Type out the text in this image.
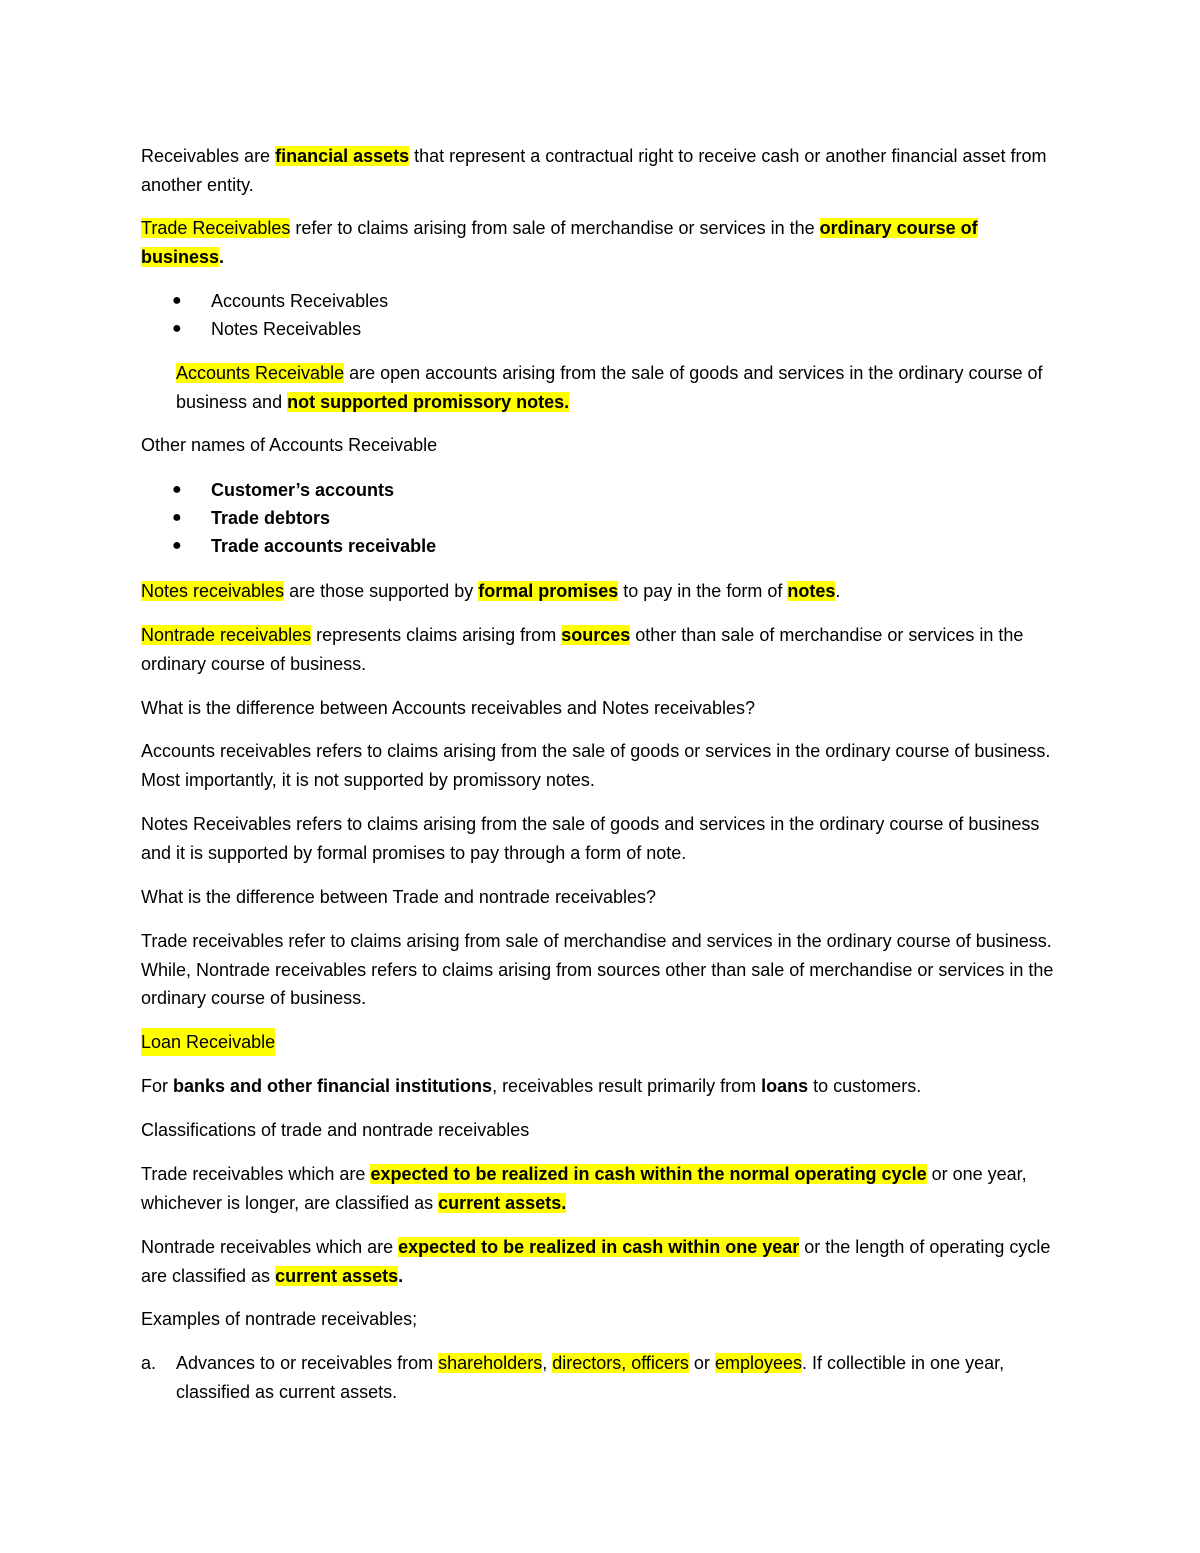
Receivables are financial assets that represent a contractual right to receive cash or another financial asset from another entity.

Trade Receivables refer to claims arising from sale of merchandise or services in the ordinary course of business.

● Accounts Receivables
● Notes Receivables

Accounts Receivable are open accounts arising from the sale of goods and services in the ordinary course of business and not supported promissory notes.

Other names of Accounts Receivable
● Customer’s accounts
● Trade debtors
● Trade accounts receivable

Notes receivables are those supported by formal promises to pay in the form of notes.

Nontrade receivables represents claims arising from sources other than sale of merchandise or services in the ordinary course of business.

What is the difference between Accounts receivables and Notes receivables?

Accounts receivables refers to claims arising from the sale of goods or services in the ordinary course of business. Most importantly, it is not supported by promissory notes.

Notes Receivables refers to claims arising from the sale of goods and services in the ordinary course of business and it is supported by formal promises to pay through a form of note.

What is the difference between Trade and nontrade receivables?

Trade receivables refer to claims arising from sale of merchandise and services in the ordinary course of business. While, Nontrade receivables refers to claims arising from sources other than sale of merchandise or services in the ordinary course of business.

Loan Receivable

For banks and other financial institutions, receivables result primarily from loans to customers.

Classifications of trade and nontrade receivables

Trade receivables which are expected to be realized in cash within the normal operating cycle or one year, whichever is longer, are classified as current assets.

Nontrade receivables which are expected to be realized in cash within one year or the length of operating cycle are classified as current assets.

Examples of nontrade receivables;
a. Advances to or receivables from shareholders, directors, officers or employees. If collectible in one year, classified as current assets.
